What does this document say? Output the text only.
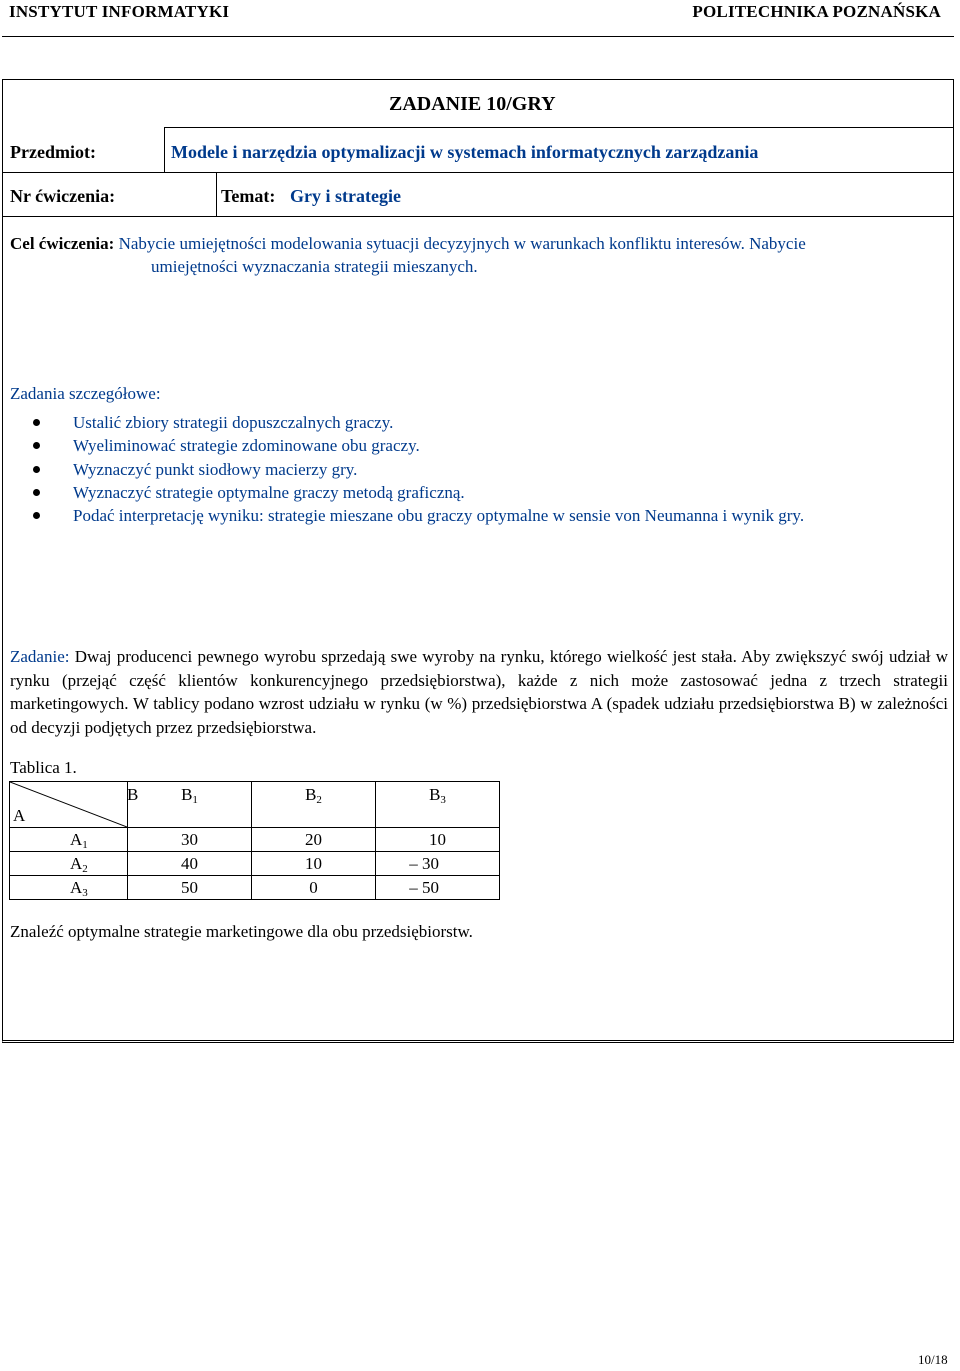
INSTYTUT INFORMATYKI	POLITECHNIKA POZNAŃSKA
ZADANIE 10/GRY
Przedmiot:	Modele i narzędzia optymalizacji w systemach informatycznych zarządzania
Nr ćwiczenia:	Temat: Gry i strategie
Cel ćwiczenia: Nabycie umiejętności modelowania sytuacji decyzyjnych w warunkach konfliktu interesów. Nabycie
umiejętności wyznaczania strategii mieszanych.
Zadania szczegółowe:
Ustalić zbiory strategii dopuszczalnych graczy.
Wyeliminować strategie zdominowane obu graczy.
Wyznaczyć punkt siodłowy macierzy gry.
Wyznaczyć strategie optymalne graczy metodą graficzną.
Podać interpretację wyniku: strategie mieszane obu graczy optymalne w sensie von Neumanna i wynik gry.
Zadanie: Dwaj producenci pewnego wyrobu sprzedają swe wyroby na rynku, którego wielkość jest stała. Aby zwiększyć swój udział w rynku (przejąć część klientów konkurencyjnego przedsiębiorstwa), każde z nich może zastosować jedna z trzech strategii marketingowych. W tablicy podano wzrost udziału w rynku (w %) przedsiębiorstwa A (spadek udziału przedsiębiorstwa B) w zależności od decyzji podjętych przez przedsiębiorstwa.
Tablica 1.
B
A	$B_1$	$B_2$	$B_3$
$A_1$	30	20	10
$A_2$	40	10	– 30
$A_3$	50	0	– 50
Znaleźć optymalne strategie marketingowe dla obu przedsiębiorstw.
10/18
